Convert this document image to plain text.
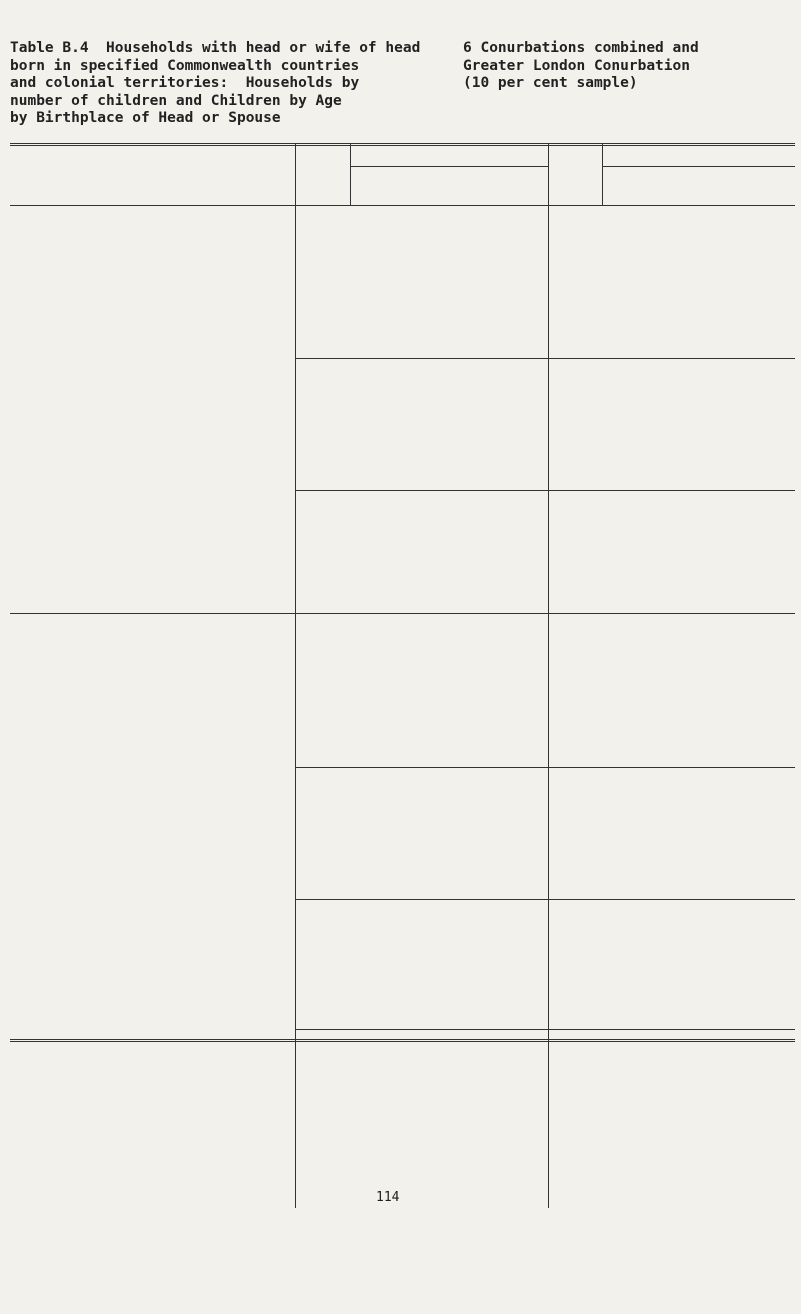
Table B.4  Households with head or wife of head
born in specified Commonwealth countries
and colonial territories:  Households by
number of children and Children by Age
by Birthplace of Head or Spouse
6 Conurbations combined and
Greater London Conurbation
(10 per cent sample)
114
